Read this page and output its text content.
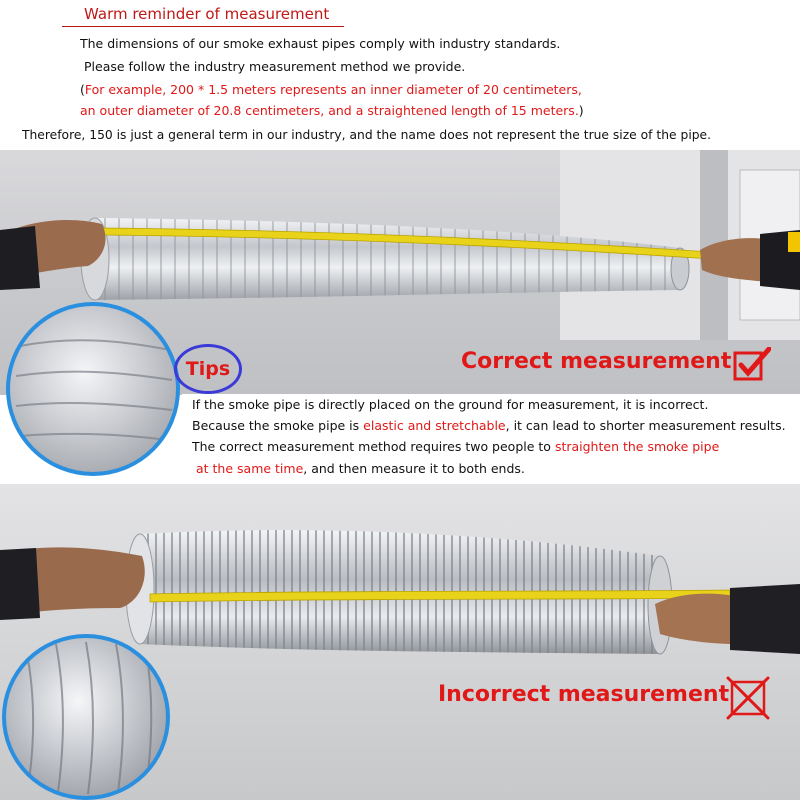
Warm reminder of measurement
The dimensions of our smoke exhaust pipes comply with industry standards.
Please follow the industry measurement method we provide.
(For example, 200 * 1.5 meters represents an inner diameter of 20 centimeters,
an outer diameter of 20.8 centimeters, and a straightened length of 15 meters.)
Therefore, 150 is just a general term in our industry, and the name does not represent the true size of the pipe.
Tips	Correct measurement
If the smoke pipe is directly placed on the ground for measurement, it is incorrect.
Because the smoke pipe is elastic and stretchable, it can lead to shorter measurement results.
The correct measurement method requires two people to straighten the smoke pipe
at the same time, and then measure it to both ends.
Incorrect measurement
